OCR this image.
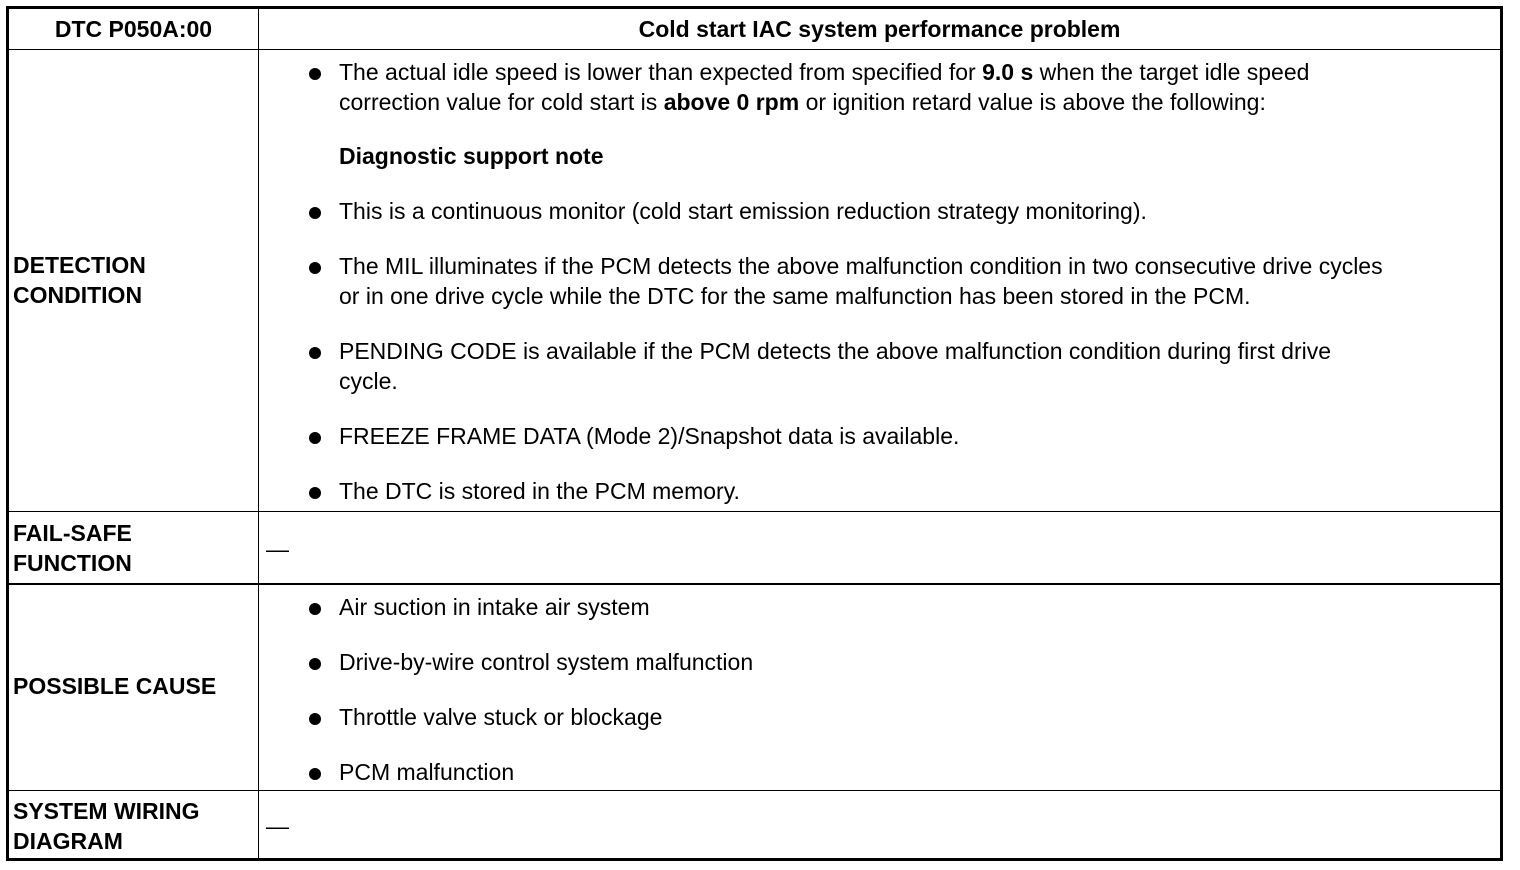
DTC P050A:00	Cold start IAC system performance problem
DETECTION
CONDITION
The actual idle speed is lower than expected from specified for 9.0 s when the target idle speed
correction value for cold start is above 0 rpm or ignition retard value is above the following:
Diagnostic support note
This is a continuous monitor (cold start emission reduction strategy monitoring).
The MIL illuminates if the PCM detects the above malfunction condition in two consecutive drive cycles
or in one drive cycle while the DTC for the same malfunction has been stored in the PCM.
PENDING CODE is available if the PCM detects the above malfunction condition during first drive
cycle.
FREEZE FRAME DATA (Mode 2)/Snapshot data is available.
The DTC is stored in the PCM memory.
FAIL-SAFE
FUNCTION
—
POSSIBLE CAUSE
Air suction in intake air system
Drive-by-wire control system malfunction
Throttle valve stuck or blockage
PCM malfunction
SYSTEM WIRING
DIAGRAM
—
